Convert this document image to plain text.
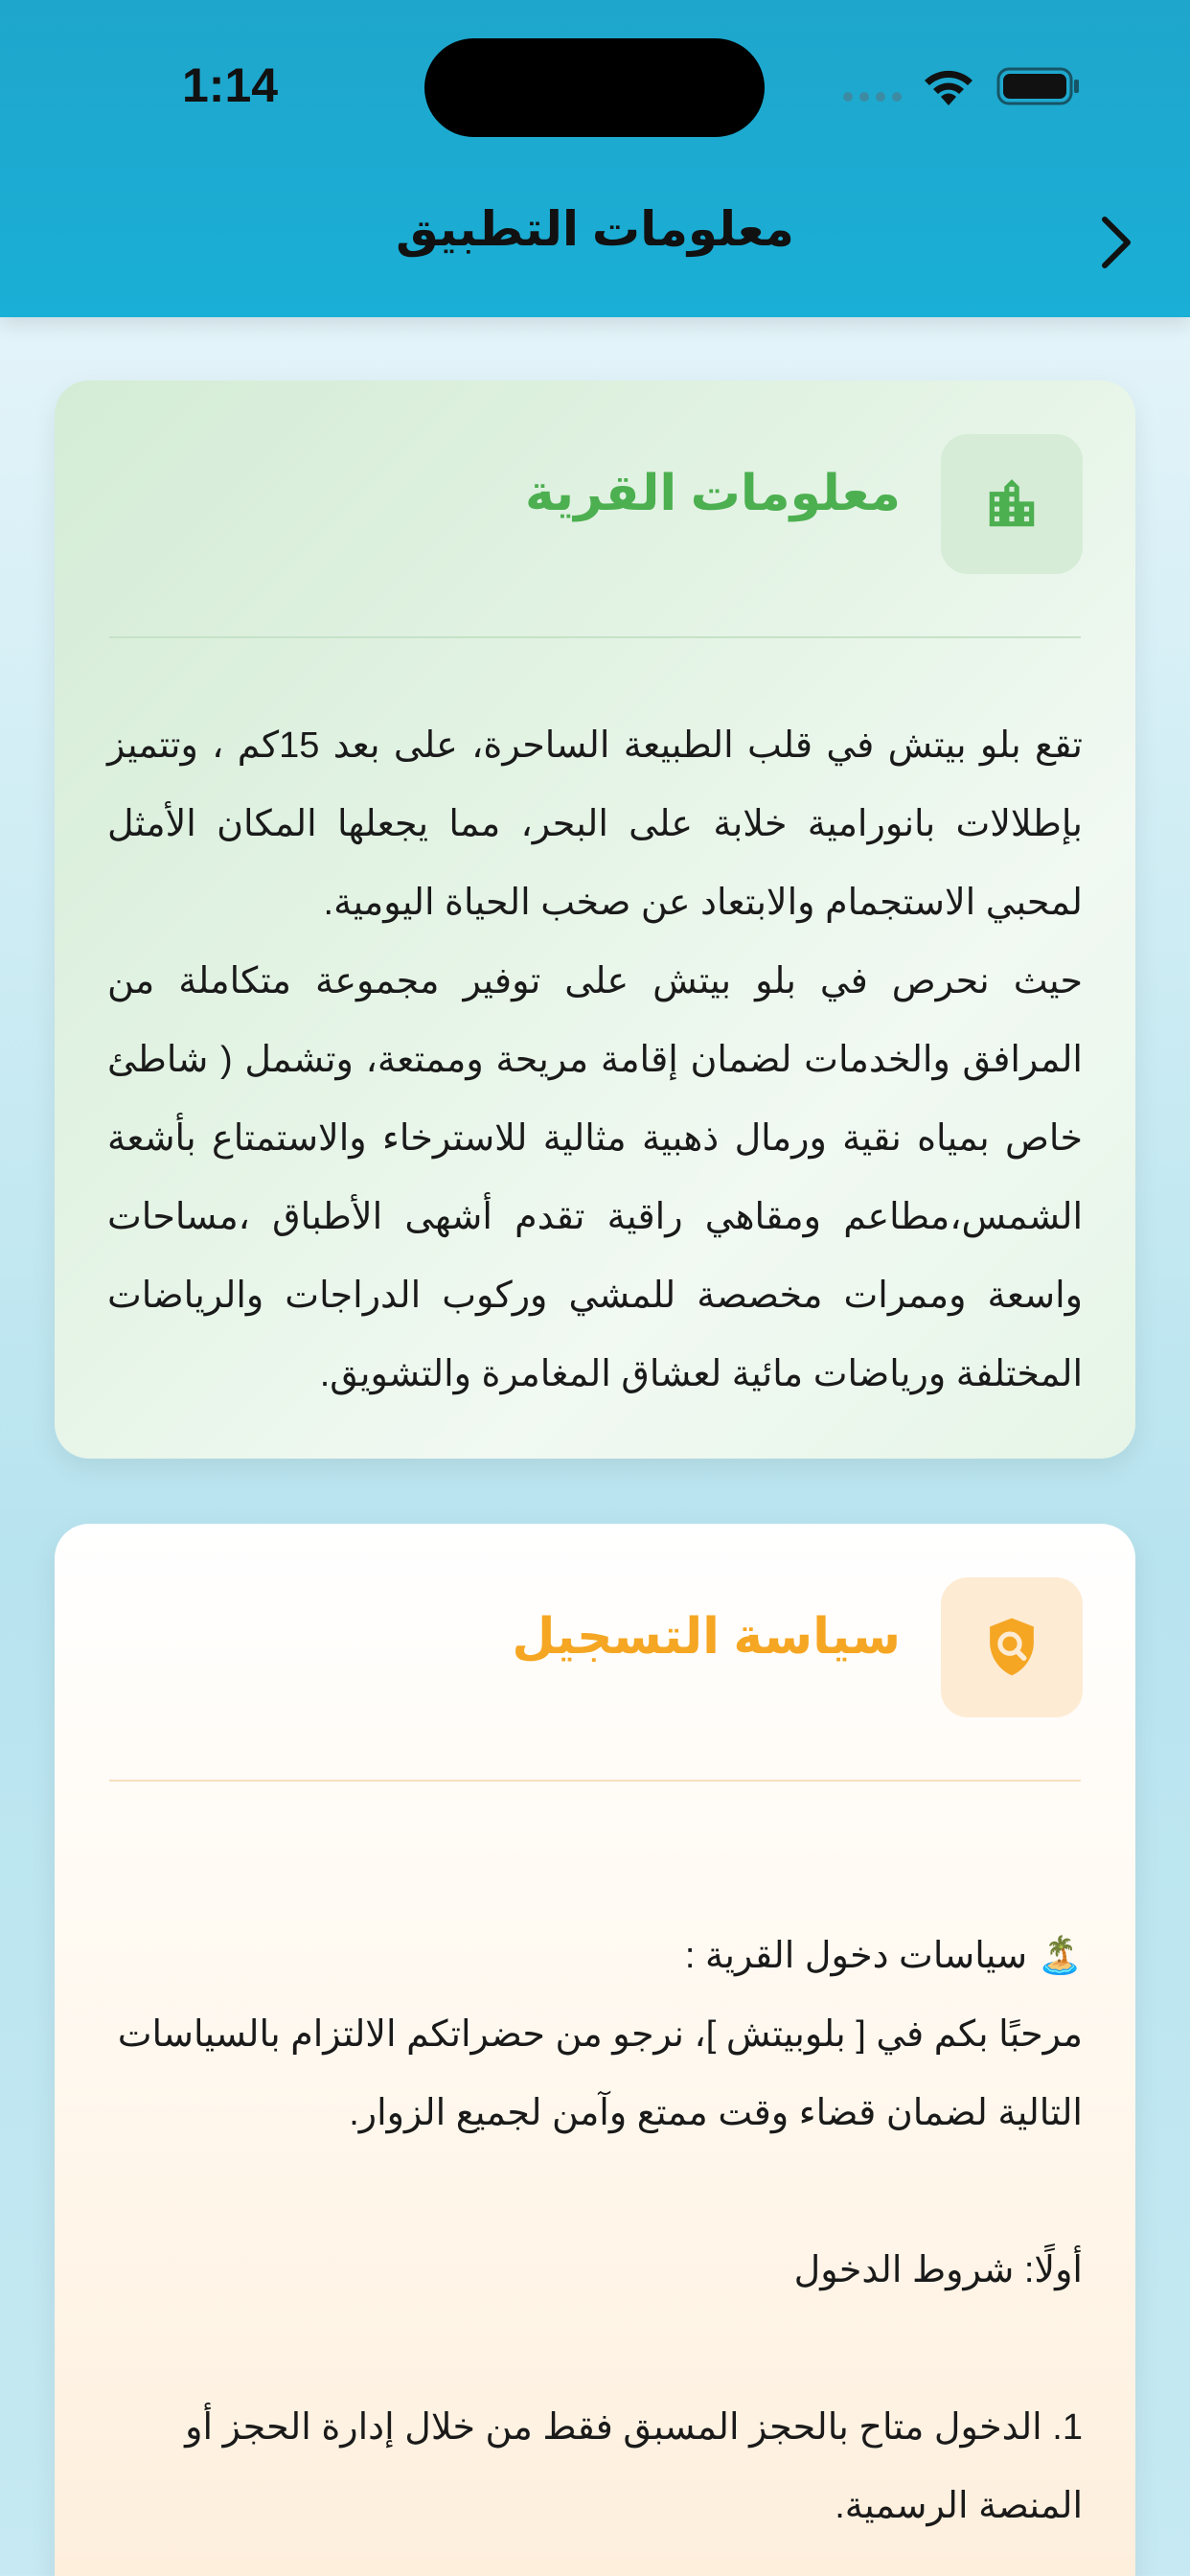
1:14
معلومات التطبيق
معلومات القرية

تقع بلو بيتش في قلب الطبيعة الساحرة، على بعد 15كم ، وتتميز بإطلالات بانورامية خلابة على البحر، مما يجعلها المكان الأمثل لمحبي الاستجمام والابتعاد عن صخب الحياة اليومية.

حيث نحرص في بلو بيتش على توفير مجموعة متكاملة من المرافق والخدمات لضمان إقامة مريحة وممتعة، وتشمل ( شاطئ خاص بمياه نقية ورمال ذهبية مثالية للاسترخاء والاستمتاع بأشعة الشمس،مطاعم ومقاهي راقية تقدم أشهى الأطباق ،مساحات واسعة وممرات مخصصة للمشي وركوب الدراجات والرياضات المختلفة ورياضات مائية لعشاق المغامرة والتشويق.

سياسة التسجيل

🏝️ سياسات دخول القرية :

مرحبًا بكم في [ بلوبيتش ]، نرجو من حضراتكم الالتزام بالسياسات التالية لضمان قضاء وقت ممتع وآمن لجميع الزوار.

أولًا: شروط الدخول

1. الدخول متاح بالحجز المسبق فقط من خلال إدارة الحجز أو المنصة الرسمية.
